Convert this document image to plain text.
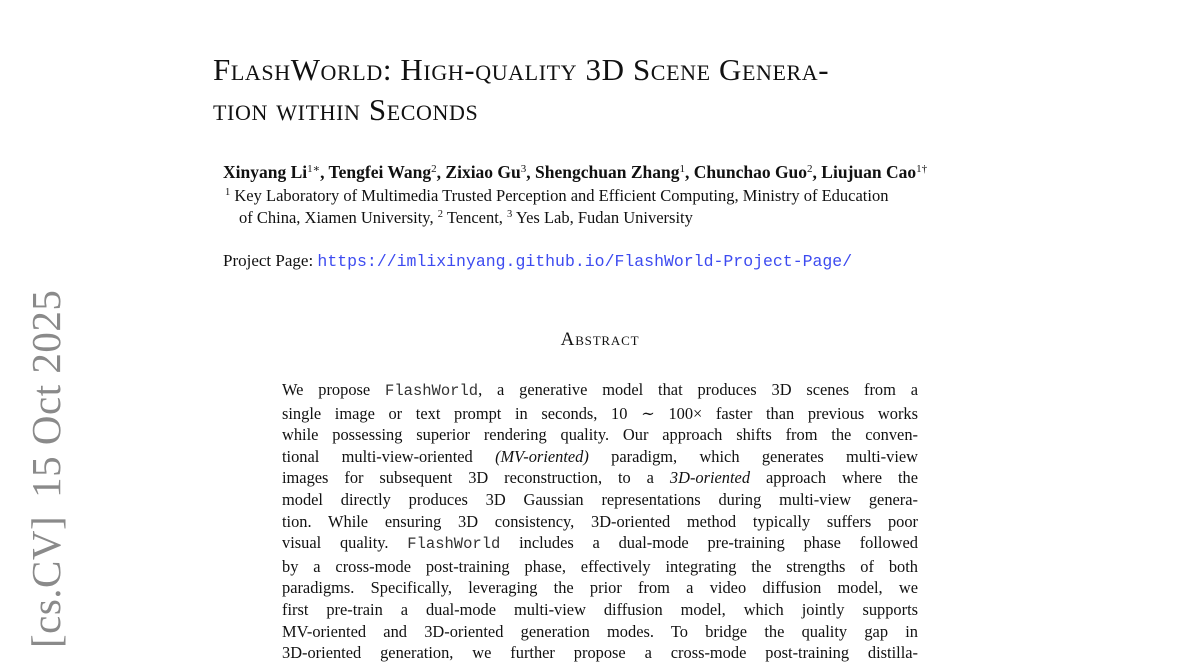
[cs.CV]15 Oct 2025
FlashWorld: High-quality 3D Scene Genera-
tion within Seconds
Xinyang $Li^{1∗}$, Tengfei Wang$^2$, Zixiao Gu$^3$, Shengchuan Zhang$^1$, Chunchao Guo$^2$, Liujuan Cao$^{1\dagger}$
$^1$ Key Laboratory of Multimedia Trusted Perception and Efficient Computing, Ministry of Education
of China, Xiamen University, $^2$ Tencent, $^3$ Yes Lab, Fudan University
Project Page: https://imlixinyang.github.io/FlashWorld-Project-Page/
Abstract
We propose FlashWorld, a generative model that produces 3D scenes from a
single image or text prompt in seconds, 10 ∼ 100× faster than previous works
while possessing superior rendering quality. Our approach shifts from the conven-
tional multi-view-oriented (MV-oriented) paradigm, which generates multi-view
images for subsequent 3D reconstruction, to a 3D-oriented approach where the
model directly produces 3D Gaussian representations during multi-view genera-
tion. While ensuring 3D consistency, 3D-oriented method typically suffers poor
visual quality. FlashWorld includes a dual-mode pre-training phase followed
by a cross-mode post-training phase, effectively integrating the strengths of both
paradigms. Specifically, leveraging the prior from a video diffusion model, we
first pre-train a dual-mode multi-view diffusion model, which jointly supports
MV-oriented and 3D-oriented generation modes. To bridge the quality gap in
3D-oriented generation, we further propose a cross-mode post-training distilla-
